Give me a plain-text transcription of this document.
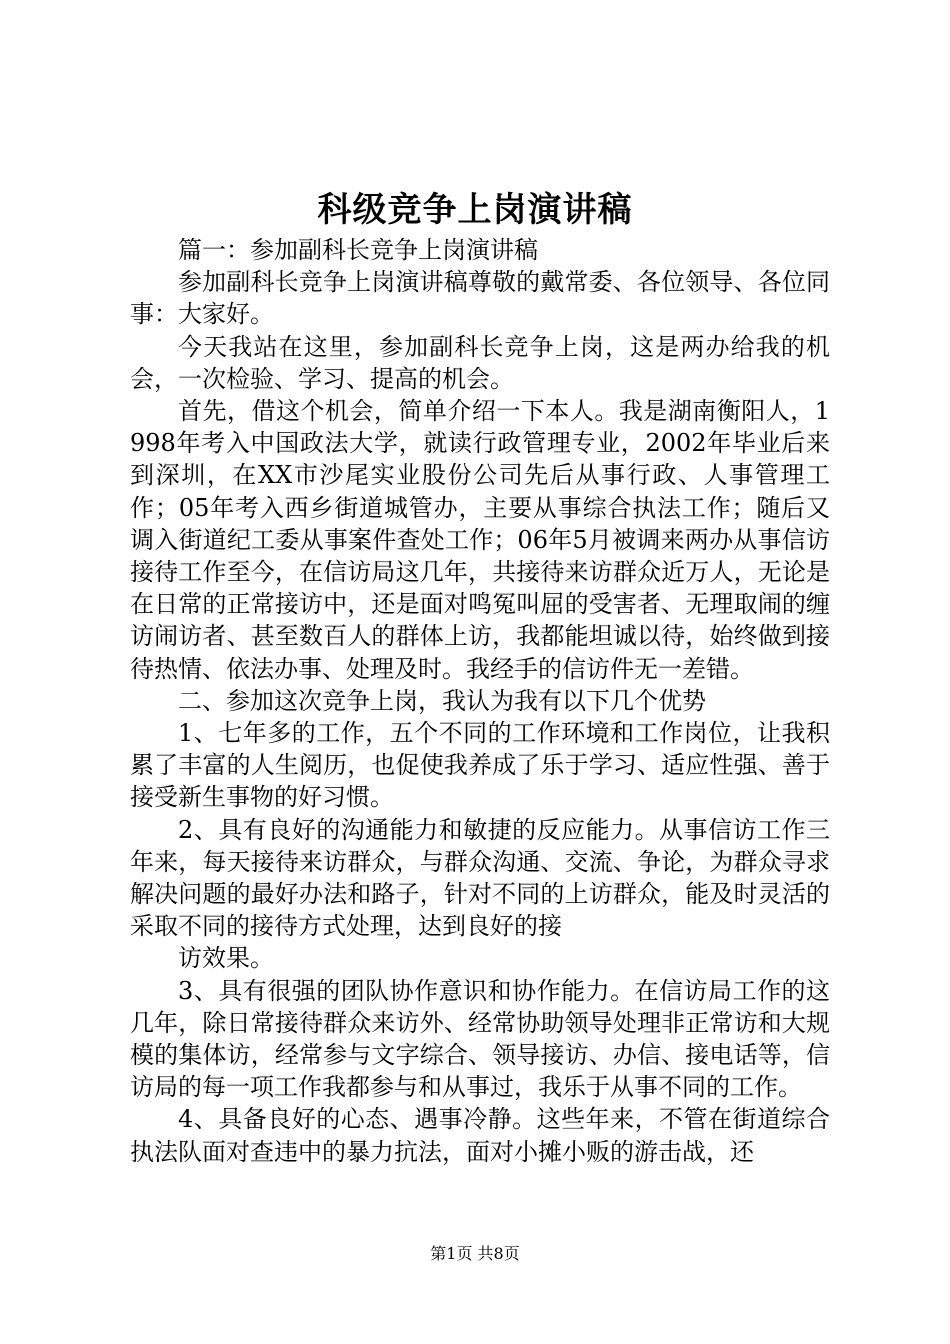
科级竞争上岗演讲稿

篇一：参加副科长竞争上岗演讲稿

参加副科长竞争上岗演讲稿尊敬的戴常委、各位领导、各位同事：大家好。

今天我站在这里，参加副科长竞争上岗，这是两办给我的机会，一次检验、学习、提高的机会。

首先，借这个机会，简单介绍一下本人。我是湖南衡阳人，1998年考入中国政法大学，就读行政管理专业，2002年毕业后来到深圳，在XX市沙尾实业股份公司先后从事行政、人事管理工作；05年考入西乡街道城管办，主要从事综合执法工作；随后又调入街道纪工委从事案件查处工作；06年5月被调来两办从事信访接待工作至今，在信访局这几年，共接待来访群众近万人，无论是在日常的正常接访中，还是面对鸣冤叫屈的受害者、无理取闹的缠访闹访者、甚至数百人的群体上访，我都能坦诚以待，始终做到接待热情、依法办事、处理及时。我经手的信访件无一差错。

二、参加这次竞争上岗，我认为我有以下几个优势

1、七年多的工作，五个不同的工作环境和工作岗位，让我积累了丰富的人生阅历，也促使我养成了乐于学习、适应性强、善于接受新生事物的好习惯。

2、具有良好的沟通能力和敏捷的反应能力。从事信访工作三年来，每天接待来访群众，与群众沟通、交流、争论，为群众寻求解决问题的最好办法和路子，针对不同的上访群众，能及时灵活的采取不同的接待方式处理，达到良好的接

访效果。

3、具有很强的团队协作意识和协作能力。在信访局工作的这几年，除日常接待群众来访外、经常协助领导处理非正常访和大规模的集体访，经常参与文字综合、领导接访、办信、接电话等，信访局的每一项工作我都参与和从事过，我乐于从事不同的工作。

4、具备良好的心态、遇事冷静。这些年来，不管在街道综合执法队面对查违中的暴力抗法，面对小摊小贩的游击战，还

第1页 共8页
